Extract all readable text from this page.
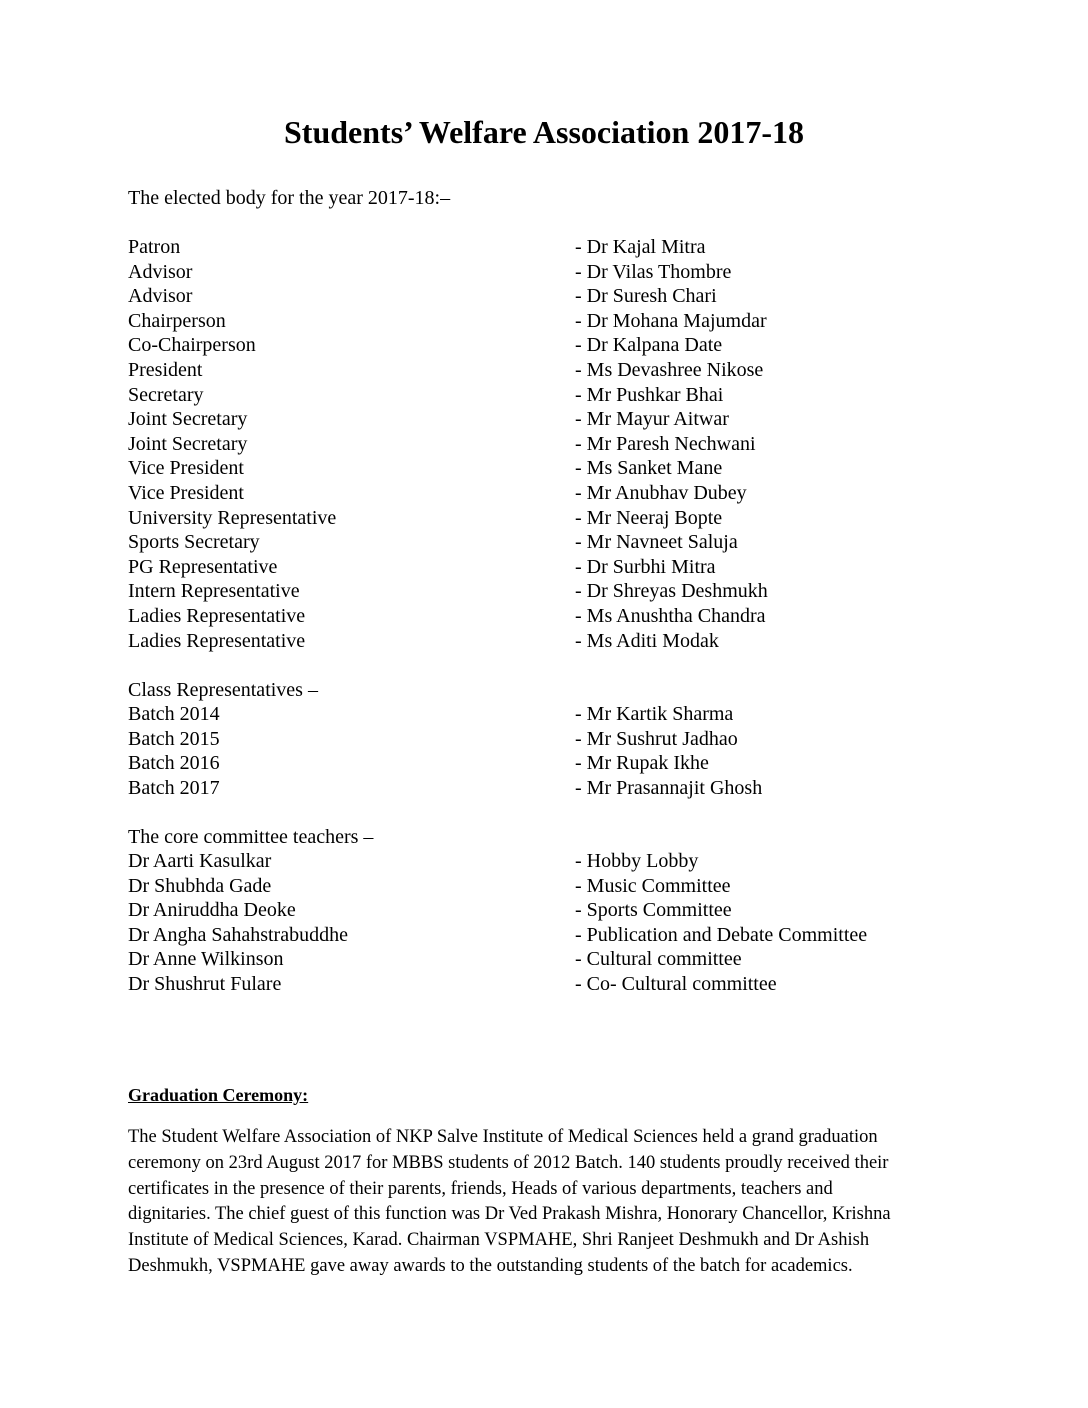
Students’ Welfare Association 2017-18
The elected body for the year 2017-18:–
Patron	- Dr Kajal Mitra
Advisor	- Dr Vilas Thombre
Advisor	- Dr Suresh Chari
Chairperson	- Dr Mohana Majumdar
Co-Chairperson	- Dr Kalpana Date
President	- Ms Devashree Nikose
Secretary	- Mr Pushkar Bhai
Joint Secretary	- Mr Mayur Aitwar
Joint Secretary	- Mr Paresh Nechwani
Vice President	- Ms Sanket Mane
Vice President	- Mr Anubhav Dubey
University Representative	- Mr Neeraj Bopte
Sports Secretary	- Mr Navneet Saluja
PG Representative	- Dr Surbhi Mitra
Intern Representative	- Dr Shreyas Deshmukh
Ladies Representative	- Ms Anushtha Chandra
Ladies Representative	- Ms Aditi Modak
Class Representatives –
Batch 2014	- Mr Kartik Sharma
Batch 2015	- Mr Sushrut Jadhao
Batch 2016	- Mr Rupak Ikhe
Batch 2017	- Mr Prasannajit Ghosh
The core committee teachers –
Dr Aarti Kasulkar	- Hobby Lobby
Dr Shubhda Gade	- Music Committee
Dr Aniruddha Deoke	- Sports Committee
Dr Angha Sahahstrabuddhe	- Publication and Debate Committee
Dr Anne Wilkinson	- Cultural committee
Dr Shushrut Fulare	- Co- Cultural committee
Graduation Ceremony:

The Student Welfare Association of NKP Salve Institute of Medical Sciences held a grand graduation ceremony on 23rd August 2017 for MBBS students of 2012 Batch. 140 students proudly received their certificates in the presence of their parents, friends, Heads of various departments, teachers and dignitaries. The chief guest of this function was Dr Ved Prakash Mishra, Honorary Chancellor, Krishna Institute of Medical Sciences, Karad. Chairman VSPMAHE, Shri Ranjeet Deshmukh and Dr Ashish Deshmukh, VSPMAHE gave away awards to the outstanding students of the batch for academics.
